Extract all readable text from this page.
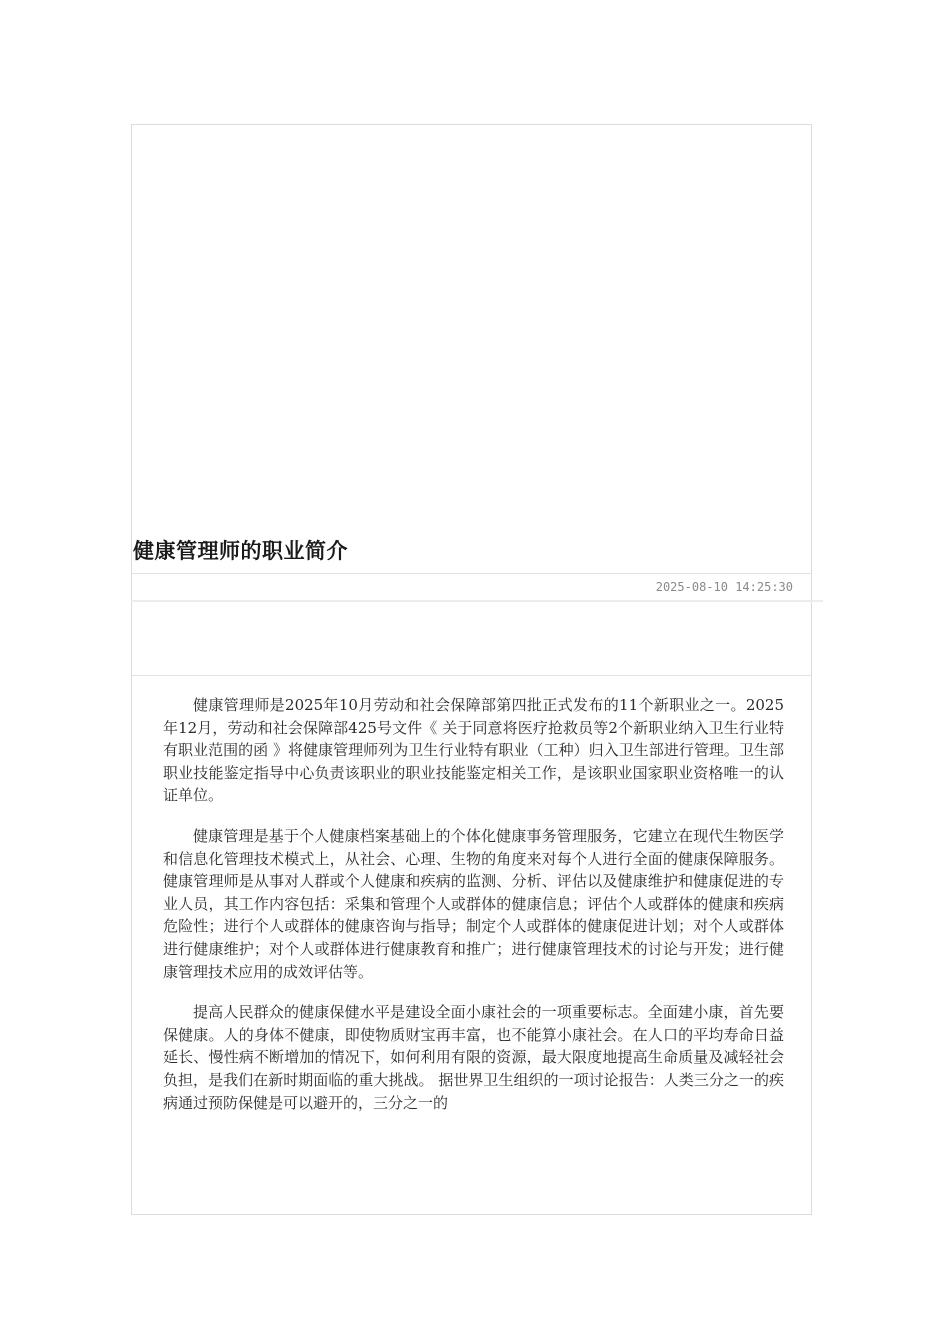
健康管理师的职业简介
2025-08-10 14:25:30

健康管理师是2025年10月劳动和社会保障部第四批正式发布的11个新职业之一。2025年12月，劳动和社会保障部425号文件《 关于同意将医疗抢救员等2个新职业纳入卫生行业特有职业范围的函 》将健康管理师列为卫生行业特有职业（工种）归入卫生部进行管理。卫生部职业技能鉴定指导中心负责该职业的职业技能鉴定相关工作，是该职业国家职业资格唯一的认证单位。

健康管理是基于个人健康档案基础上的个体化健康事务管理服务，它建立在现代生物医学和信息化管理技术模式上，从社会、心理、生物的角度来对每个人进行全面的健康保障服务。健康管理师是从事对人群或个人健康和疾病的监测、分析、评估以及健康维护和健康促进的专业人员，其工作内容包括：采集和管理个人或群体的健康信息；评估个人或群体的健康和疾病危险性；进行个人或群体的健康咨询与指导；制定个人或群体的健康促进计划；对个人或群体进行健康维护；对个人或群体进行健康教育和推广；进行健康管理技术的讨论与开发；进行健康管理技术应用的成效评估等。

提高人民群众的健康保健水平是建设全面小康社会的一项重要标志。全面建小康，首先要保健康。人的身体不健康，即使物质财宝再丰富，也不能算小康社会。在人口的平均寿命日益延长、慢性病不断增加的情况下，如何利用有限的资源，最大限度地提高生命质量及减轻社会负担，是我们在新时期面临的重大挑战。 据世界卫生组织的一项讨论报告：人类三分之一的疾病通过预防保健是可以避开的，三分之一的
